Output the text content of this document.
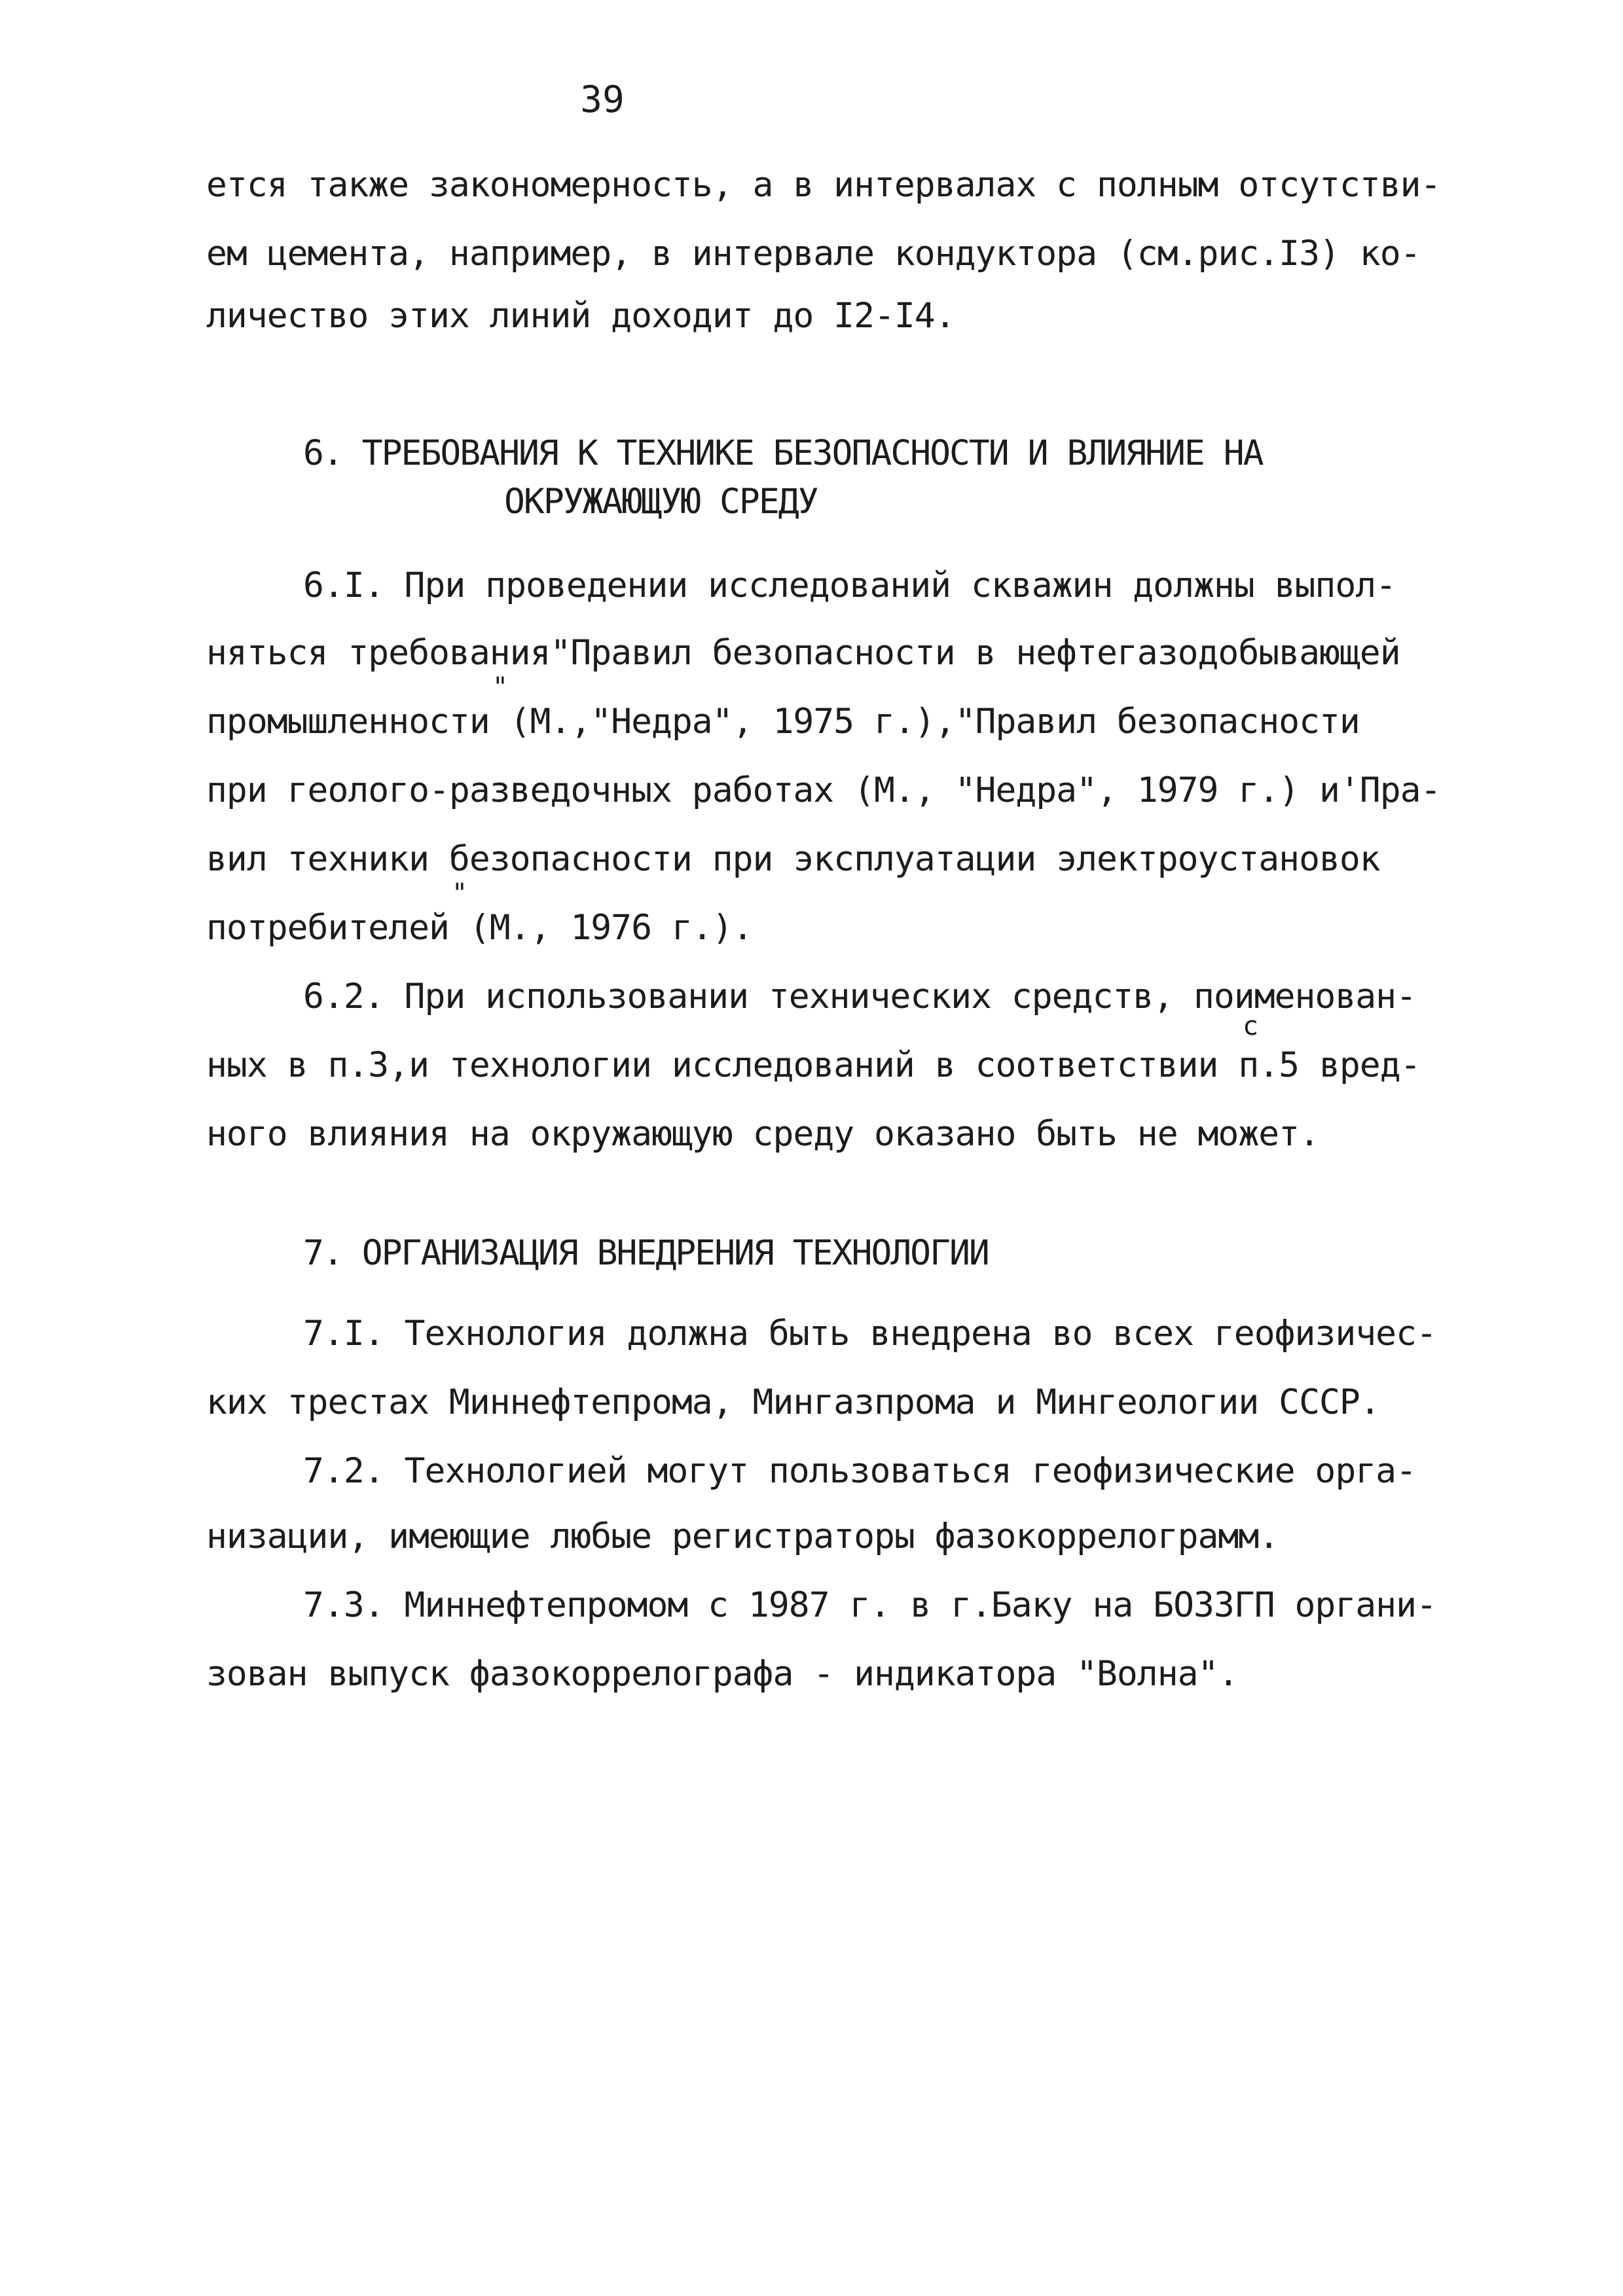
39
ется также закономерность, а в интервалах с полным отсутстви-
ем цемента, например, в интервале кондуктора (см.рис.I3) ко-
личество этих линий доходит до I2-I4.
6. ТРЕБОВАНИЯ К ТЕХНИКЕ БЕЗОПАСНОСТИ И ВЛИЯНИЕ НА
ОКРУЖАЮЩУЮ СРЕДУ
6.I. При проведении исследований скважин должны выпол-
няться требования"Правил безопасности в нефтегазодобывающей
"
промышленности (М.,"Недра", 1975 г.),"Правил безопасности
при геолого-разведочных работах (М., "Недра", 1979 г.) и'Пра-
вил техники безопасности при эксплуатации электроустановок
"
потребителей (М., 1976 г.).
6.2. При использовании технических средств, поименован-
с
ных в п.3,и технологии исследований в соответствии п.5 вред-
ного влияния на окружающую среду оказано быть не может.
7. ОРГАНИЗАЦИЯ ВНЕДРЕНИЯ ТЕХНОЛОГИИ
7.I. Технология должна быть внедрена во всех геофизичес-
ких трестах Миннефтепрома, Мингазпрома и Мингеологии СССР.
7.2. Технологией могут пользоваться геофизические орга-
низации, имеющие любые регистраторы фазокоррелограмм.
7.3. Миннефтепромом с 1987 г. в г.Баку на БОЗЗГП органи-
зован выпуск фазокоррелографа - индикатора "Волна".
